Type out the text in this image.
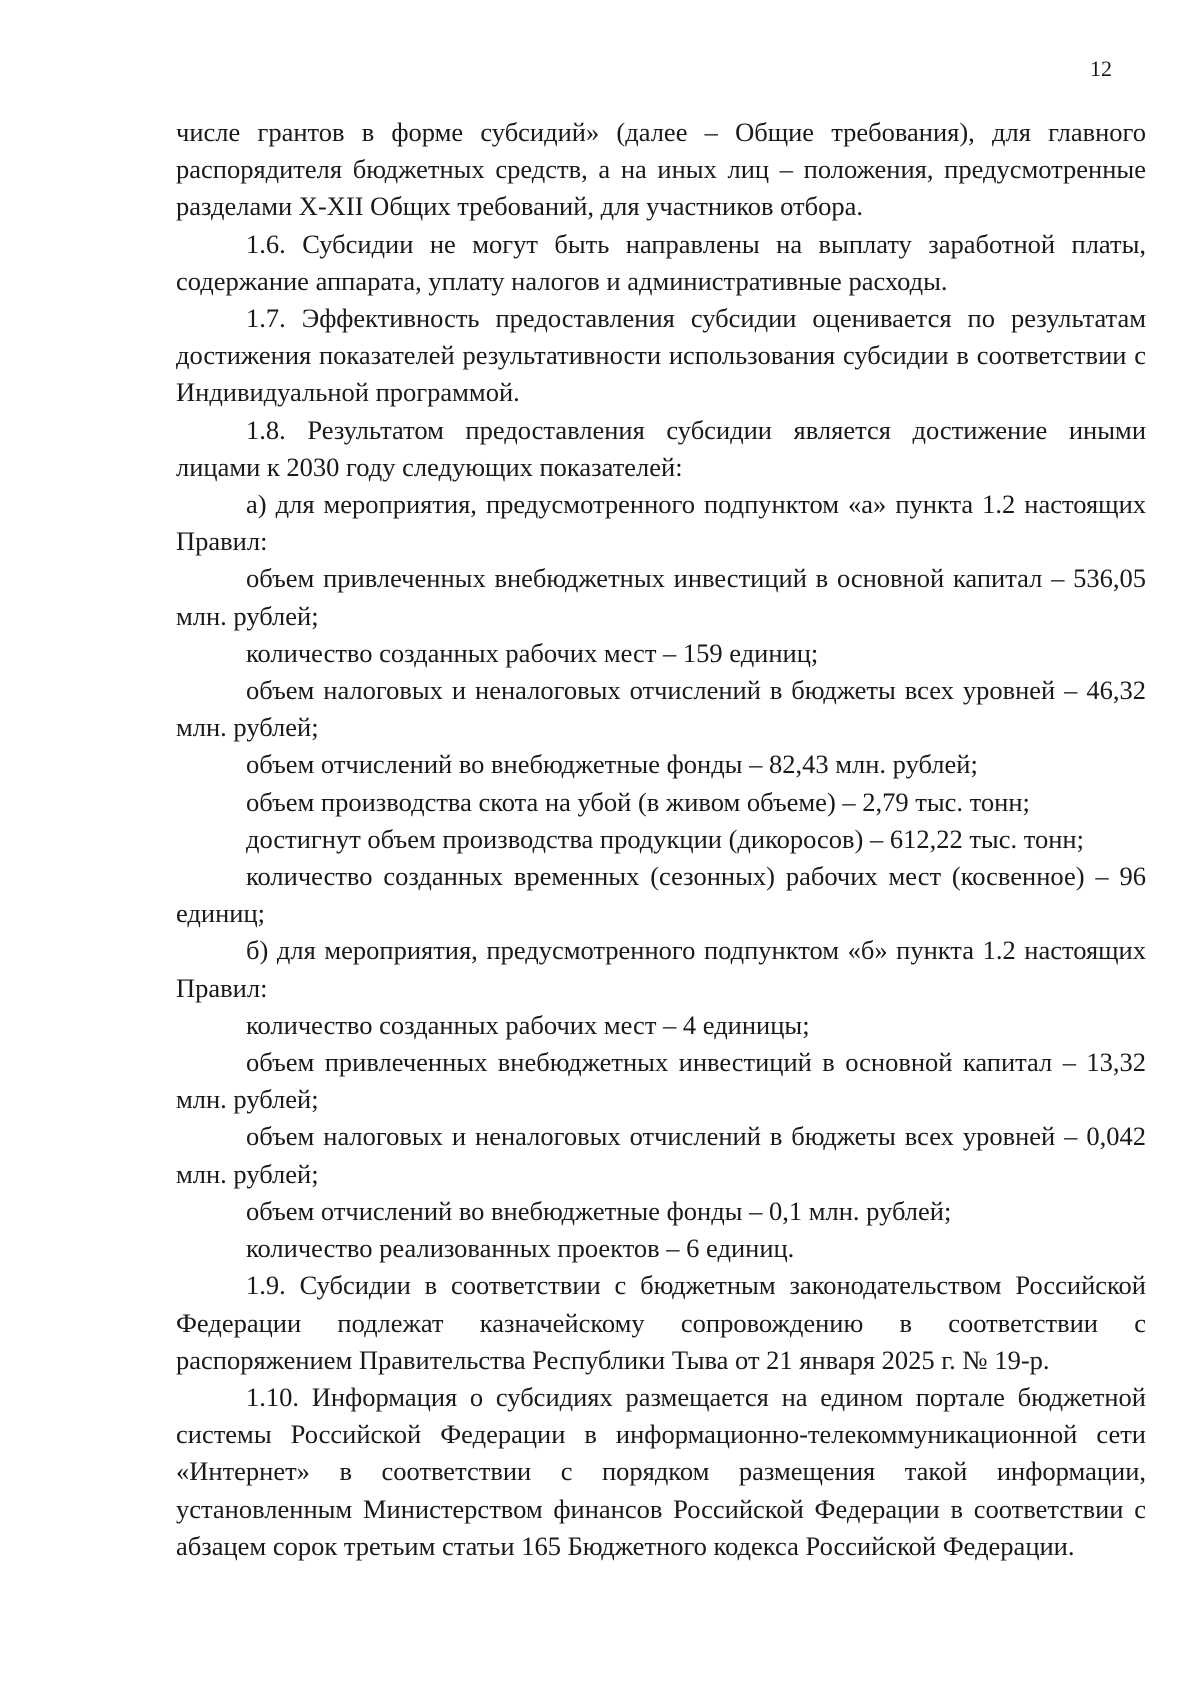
12

числе грантов в форме субсидий» (далее – Общие требования), для главного распорядителя бюджетных средств, а на иных лиц – положения, предусмотренные разделами X-XII Общих требований, для участников отбора.

1.6. Субсидии не могут быть направлены на выплату заработной платы, содержание аппарата, уплату налогов и административные расходы.

1.7. Эффективность предоставления субсидии оценивается по результатам достижения показателей результативности использования субсидии в соответствии с Индивидуальной программой.

1.8. Результатом предоставления субсидии является достижение иными лицами к 2030 году следующих показателей:

а) для мероприятия, предусмотренного подпунктом «а» пункта 1.2 настоящих Правил:

объем привлеченных внебюджетных инвестиций в основной капитал – 536,05 млн. рублей;

количество созданных рабочих мест – 159 единиц;

объем налоговых и неналоговых отчислений в бюджеты всех уровней – 46,32 млн. рублей;

объем отчислений во внебюджетные фонды – 82,43 млн. рублей;

объем производства скота на убой (в живом объеме) – 2,79 тыс. тонн;

достигнут объем производства продукции (дикоросов) – 612,22 тыс. тонн;

количество созданных временных (сезонных) рабочих мест (косвенное) – 96 единиц;

б) для мероприятия, предусмотренного подпунктом «б» пункта 1.2 настоящих Правил:

количество созданных рабочих мест – 4 единицы;

объем привлеченных внебюджетных инвестиций в основной капитал – 13,32 млн. рублей;

объем налоговых и неналоговых отчислений в бюджеты всех уровней – 0,042 млн. рублей;

объем отчислений во внебюджетные фонды – 0,1 млн. рублей;

количество реализованных проектов – 6 единиц.

1.9. Субсидии в соответствии с бюджетным законодательством Российской Федерации подлежат казначейскому сопровождению в соответствии с распоряжением Правительства Республики Тыва от 21 января 2025 г. № 19-р.

1.10. Информация о субсидиях размещается на едином портале бюджетной системы Российской Федерации в информационно-телекоммуникационной сети «Интернет» в соответствии с порядком размещения такой информации, установленным Министерством финансов Российской Федерации в соответствии с абзацем сорок третьим статьи 165 Бюджетного кодекса Российской Федерации.
